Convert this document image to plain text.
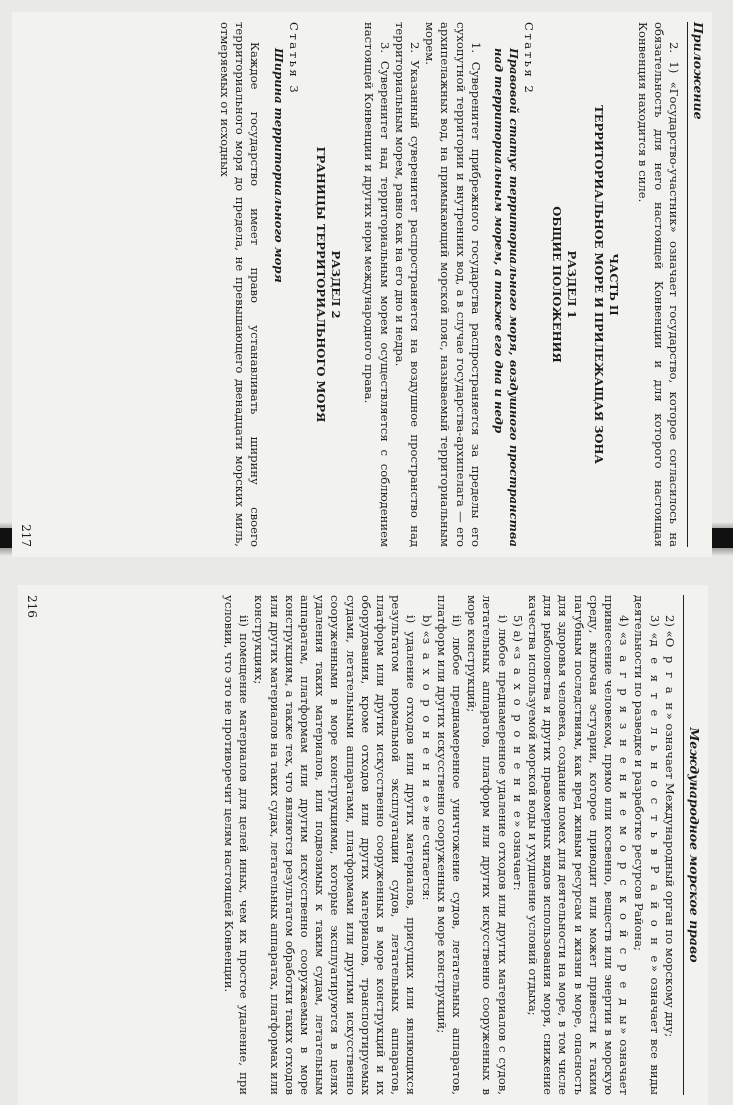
Международное морское право

2) «О р г а н» означает Международный орган по морскому дну;

3) «д е я т е л ь н о с т ь в Р а й о н е» означает все виды деятельности по разведке и разработке ресурсов Района;

4) «з а г р я з н е н и е м о р с к о й с р е д ы» означает привнесение человеком, прямо или косвенно, веществ или энергии в морскую среду, включая эстуарии, которое приводит или может привести к таким пагубным последствиям, как вред живым ресурсам и жизни в море, опасность для здоровья человека, создание помех для деятельности на море, в том числе для рыболовства и других правомерных видов использования моря, снижение качества используемой морской воды и ухудшение условий отдыха;

5) а) «з а х о р о н е н и е» означает:

i) любое преднамеренное удаление отходов или других материалов с судов, летательных аппаратов, платформ или других искусственно сооруженных в море конструкций;

ii) любое преднамеренное уничтожение судов, летательных аппаратов, платформ или других искусственно сооруженных в море конструкций;

b) «з а х о р о н е н и е» не считается:

i) удаление отходов или других материалов, присущих или являющихся результатом нормальной эксплуатации судов, летательных аппаратов, платформ или других искусственно сооруженных в море конструкций и их оборудования, кроме отходов или других материалов, транспортируемых судами, летательными аппаратами, платформами или другими искусственно сооруженными в море конструкциями, которые эксплуатируются в целях удаления таких материалов, или подвозимых к таким судам, летательным аппаратам, платформам или другим искусственно сооружаемым в море конструкциям, а также тех, что являются результатом обработки таких отходов или других материалов на таких судах, летательных аппаратах, платформах или конструкциях;

ii) помещение материалов для целей иных, чем их простое удаление, при условии, что это не противоречит целям настоящей Конвенции.

216
Приложение

2. 1) «Государство-участник» означает государство, которое согласилось на обязательность для него настоящей Конвенции и для которого настоящая Конвенция находится в силе.

ЧАСТЬ II

ТЕРРИТОРИАЛЬНОЕ МОРЕ И ПРИЛЕЖАЩАЯ ЗОНА

РАЗДЕЛ 1

ОБЩИЕ ПОЛОЖЕНИЯ

Статья 2

Правовой статус территориального моря, воздушного пространства над территориальным морем, а также его дна и недр

1. Суверенитет прибрежного государства распространяется за пределы его сухопутной территории и внутренних вод, а в случае государства-архипелага — его архипелажных вод, на примыкающий морской пояс, называемый территориальным морем.

2. Указанный суверенитет распространяется на воздушное пространство над территориальным морем, равно как на его дно и недра.

3. Суверенитет над территориальным морем осуществляется с соблюдением настоящей Конвенции и других норм международного права.

РАЗДЕЛ 2

ГРАНИЦЫ ТЕРРИТОРИАЛЬНОГО МОРЯ

Статья 3

Ширина территориального моря

Каждое государство имеет право устанавливать ширину своего территориального моря до предела, не превышающего двенадцати морских миль, отмеряемых от исходных

217
